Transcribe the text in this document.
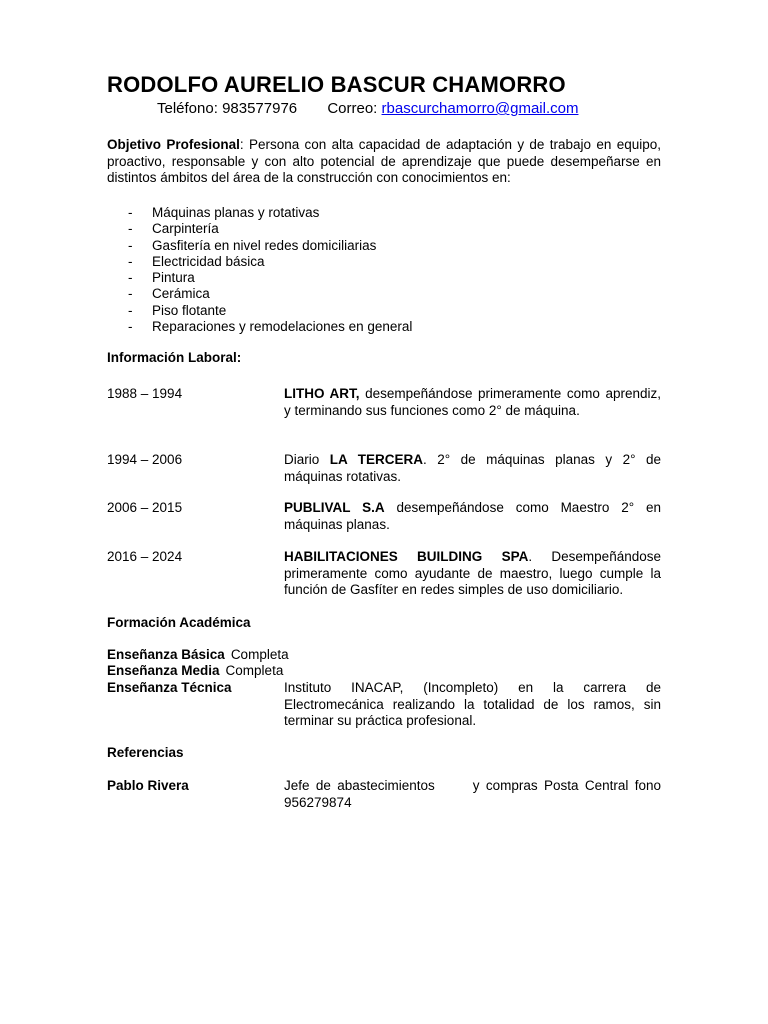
RODOLFO AURELIO BASCUR CHAMORRO
Teléfono: 983577976 Correo: rbascurchamorro@gmail.com
Objetivo Profesional: Persona con alta capacidad de adaptación y de trabajo en equipo, proactivo, responsable y con alto potencial de aprendizaje que puede desempeñarse en distintos ámbitos del área de la construcción con conocimientos en:
- Máquinas planas y rotativas
- Carpintería
- Gasfitería en nivel redes domiciliarias
- Electricidad básica
- Pintura
- Cerámica
- Piso flotante
- Reparaciones y remodelaciones en general
Información Laboral:
1988 – 1994	LITHO ART, desempeñándose primeramente como aprendiz, y terminando sus funciones como 2° de máquina.
1994 – 2006	Diario LA TERCERA. 2° de máquinas planas y 2° de máquinas rotativas.
2006 – 2015	PUBLIVAL S.A desempeñándose como Maestro 2° en máquinas planas.
2016 – 2024	HABILITACIONES BUILDING SPA. Desempeñándose primeramente como ayudante de maestro, luego cumple la función de Gasfíter en redes simples de uso domiciliario.
Formación Académica
Enseñanza Básica Completa
Enseñanza Media Completa
Enseñanza Técnica	Instituto INACAP, (Incompleto) en la carrera de Electromecánica realizando la totalidad de los ramos, sin terminar su práctica profesional.
Referencias
Pablo Rivera	Jefe de abastecimientos      y compras Posta Central fono 956279874
